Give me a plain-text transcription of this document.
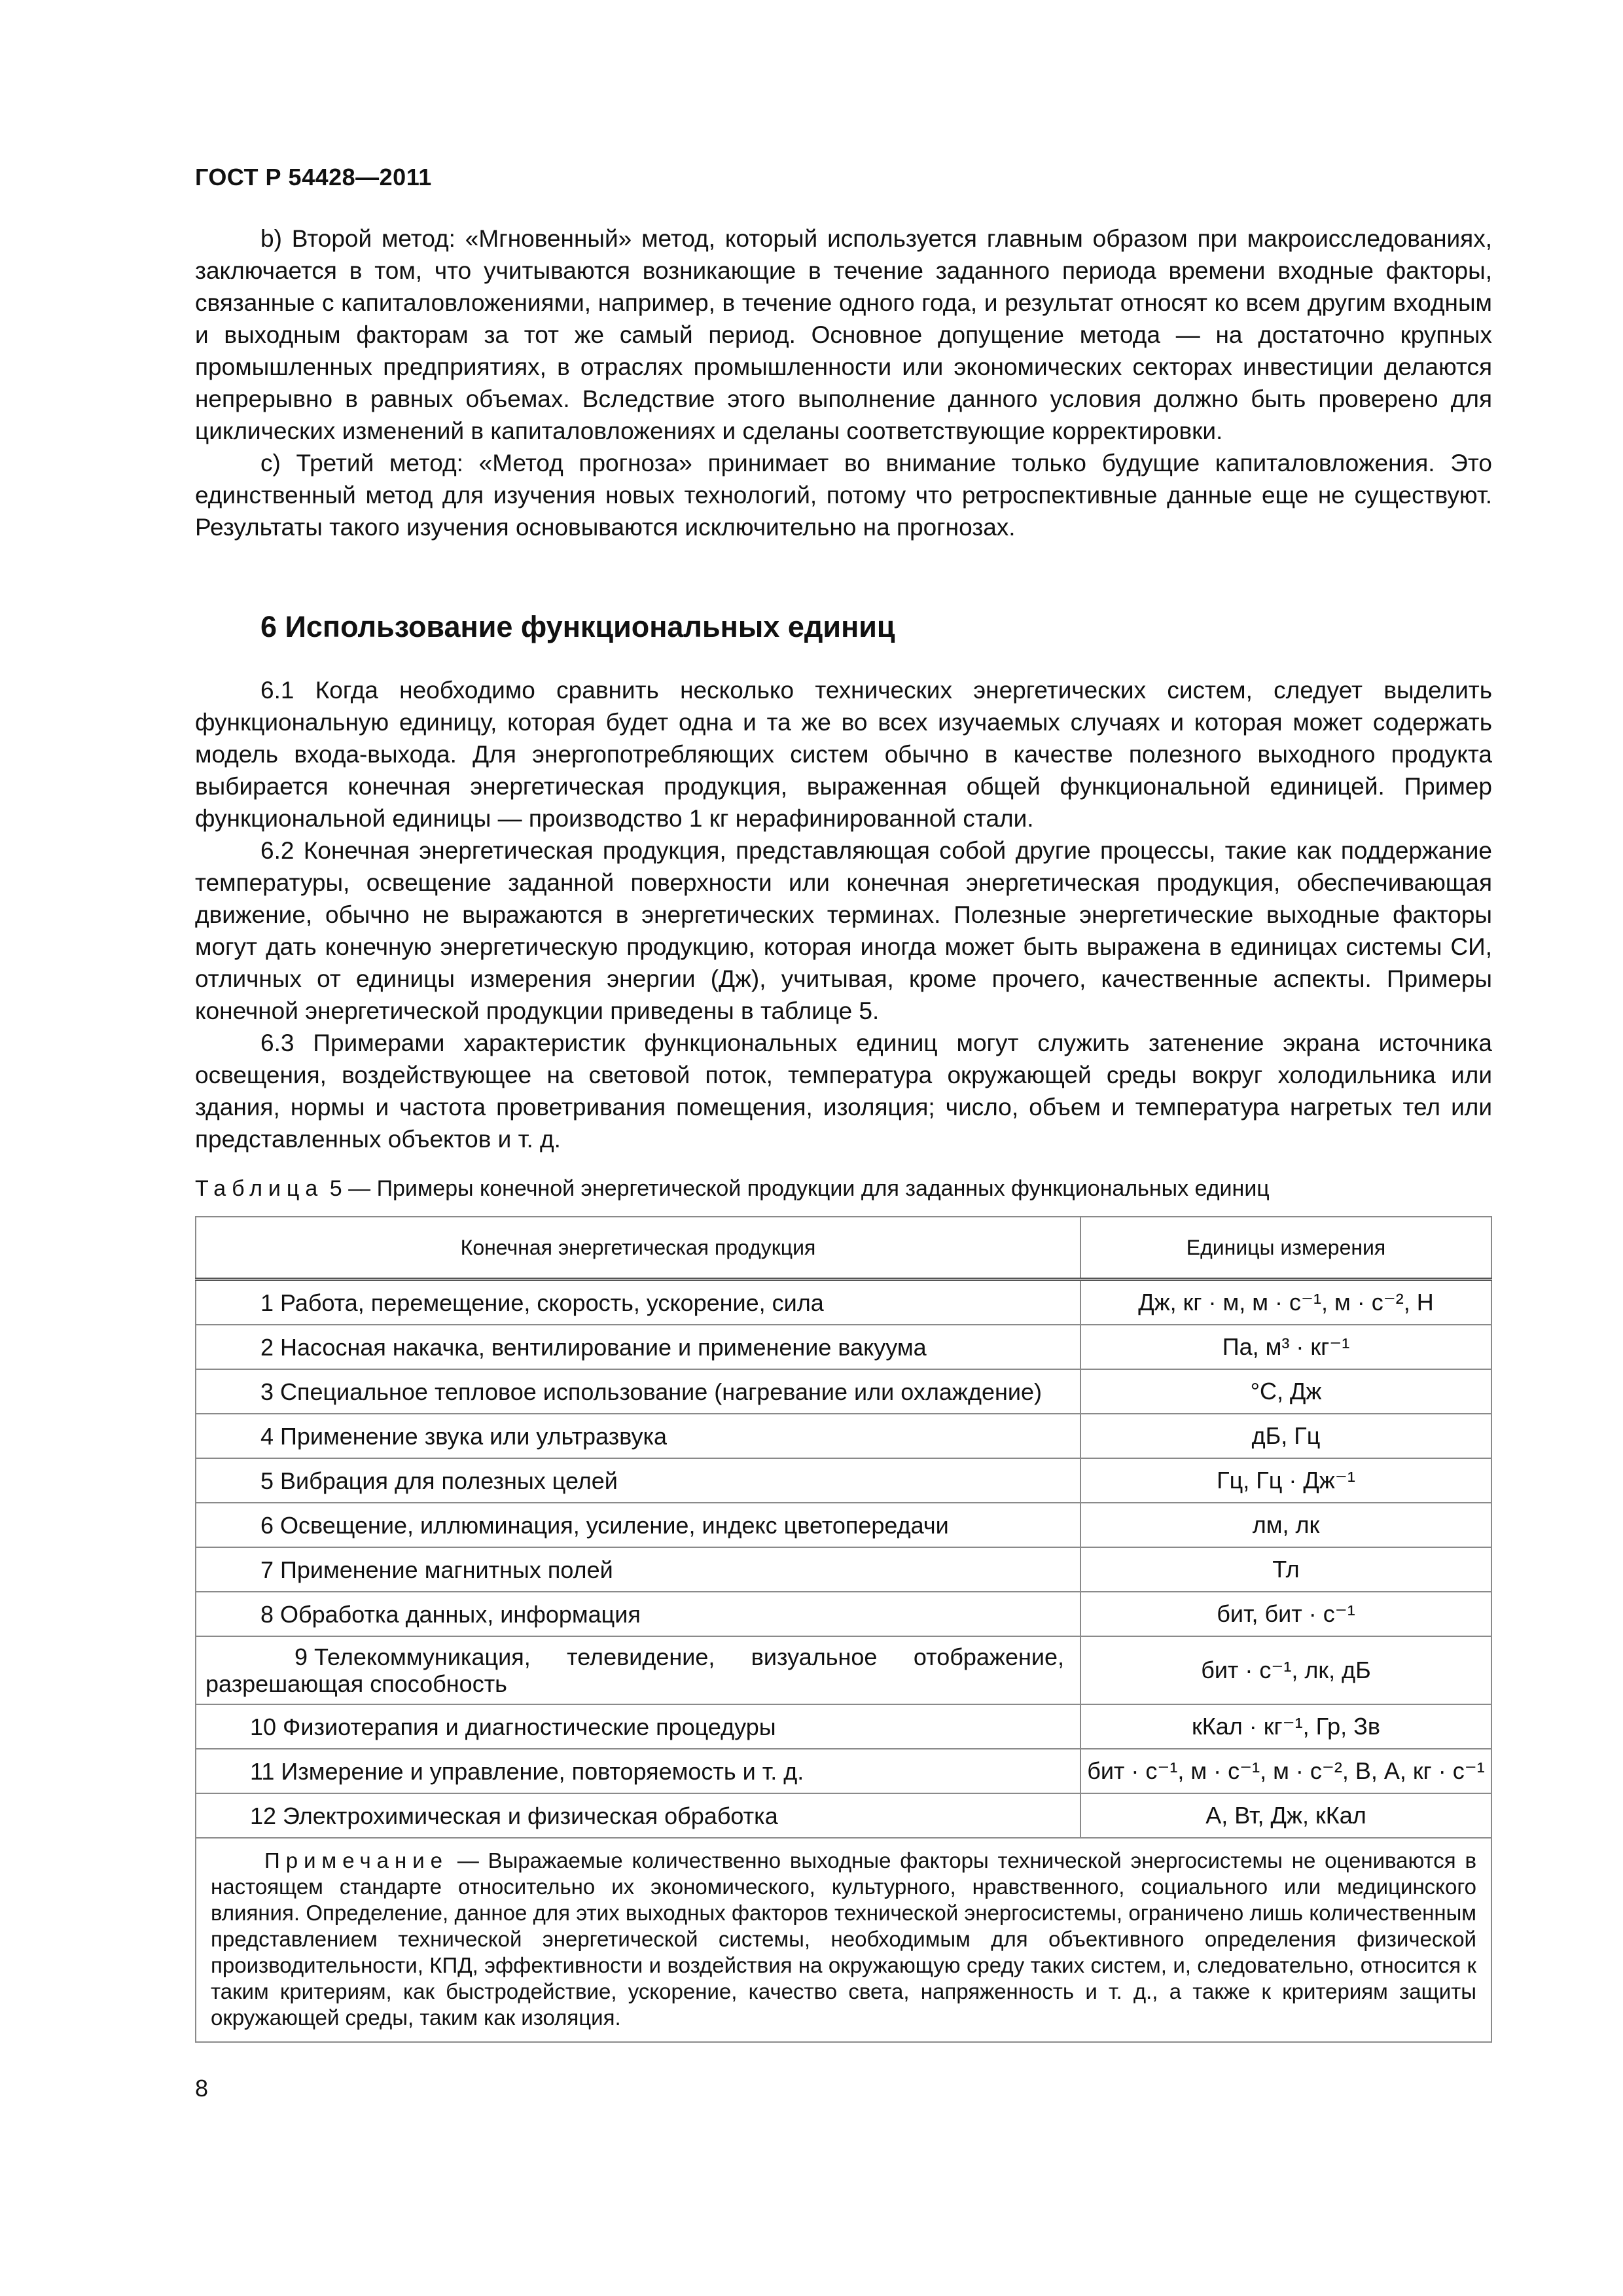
ГОСТ Р 54428—2011

b) Второй метод: «Мгновенный» метод, который используется главным образом при макроисследованиях, заключается в том, что учитываются возникающие в течение заданного периода времени входные факторы, связанные с капиталовложениями, например, в течение одного года, и результат относят ко всем другим входным и выходным факторам за тот же самый период. Основное допущение метода — на достаточно крупных промышленных предприятиях, в отраслях промышленности или экономических секторах инвестиции делаются непрерывно в равных объемах. Вследствие этого выполнение данного условия должно быть проверено для циклических изменений в капиталовложениях и сделаны соответствующие корректировки.

c) Третий метод: «Метод прогноза» принимает во внимание только будущие капиталовложения. Это единственный метод для изучения новых технологий, потому что ретроспективные данные еще не существуют. Результаты такого изучения основываются исключительно на прогнозах.

6 Использование функциональных единиц

6.1 Когда необходимо сравнить несколько технических энергетических систем, следует выделить функциональную единицу, которая будет одна и та же во всех изучаемых случаях и которая может содержать модель входа-выхода. Для энергопотребляющих систем обычно в качестве полезного выходного продукта выбирается конечная энергетическая продукция, выраженная общей функциональной единицей. Пример функциональной единицы — производство 1 кг нерафинированной стали.

6.2 Конечная энергетическая продукция, представляющая собой другие процессы, такие как поддержание температуры, освещение заданной поверхности или конечная энергетическая продукция, обеспечивающая движение, обычно не выражаются в энергетических терминах. Полезные энергетические выходные факторы могут дать конечную энергетическую продукцию, которая иногда может быть выражена в единицах системы СИ, отличных от единицы измерения энергии (Дж), учитывая, кроме прочего, качественные аспекты. Примеры конечной энергетической продукции приведены в таблице 5.

6.3 Примерами характеристик функциональных единиц могут служить затенение экрана источника освещения, воздействующее на световой поток, температура окружающей среды вокруг холодильника или здания, нормы и частота проветривания помещения, изоляция; число, объем и температура нагретых тел или представленных объектов и т. д.

Таблица 5 — Примеры конечной энергетической продукции для заданных функциональных единиц
Конечная энергетическая продукция	Единицы измерения
1 Работа, перемещение, скорость, ускорение, сила	Дж, кг · м, м · с⁻¹, м · с⁻², Н
2 Насосная накачка, вентилирование и применение вакуума	Па, м³ · кг⁻¹
3 Специальное тепловое использование (нагревание или охлаждение)	°С, Дж
4 Применение звука или ультразвука	дБ, Гц
5 Вибрация для полезных целей	Гц, Гц · Дж⁻¹
6 Освещение, иллюминация, усиление, индекс цветопередачи	лм, лк
7 Применение магнитных полей	Тл
8 Обработка данных, информация	бит, бит · с⁻¹
9 Телекоммуникация, телевидение, визуальное отображение, разрешающая способность	бит · с⁻¹, лк, дБ
10 Физиотерапия и диагностические процедуры	кКал · кг⁻¹, Гр, Зв
11 Измерение и управление, повторяемость и т. д.	бит · с⁻¹, м · с⁻¹, м · с⁻², В, А, кг · с⁻¹
12 Электрохимическая и физическая обработка	А, Вт, Дж, кКал
Примечание — Выражаемые количественно выходные факторы технической энергосистемы не оцениваются в настоящем стандарте относительно их экономического, культурного, нравственного, социального или медицинского влияния. Определение, данное для этих выходных факторов технической энергосистемы, ограничено лишь количественным представлением технической энергетической системы, необходимым для объективного определения физической производительности, КПД, эффективности и воздействия на окружающую среду таких систем, и, следовательно, относится к таким критериям, как быстродействие, ускорение, качество света, напряженность и т. д., а также к критериям защиты окружающей среды, таким как изоляция.	
8
